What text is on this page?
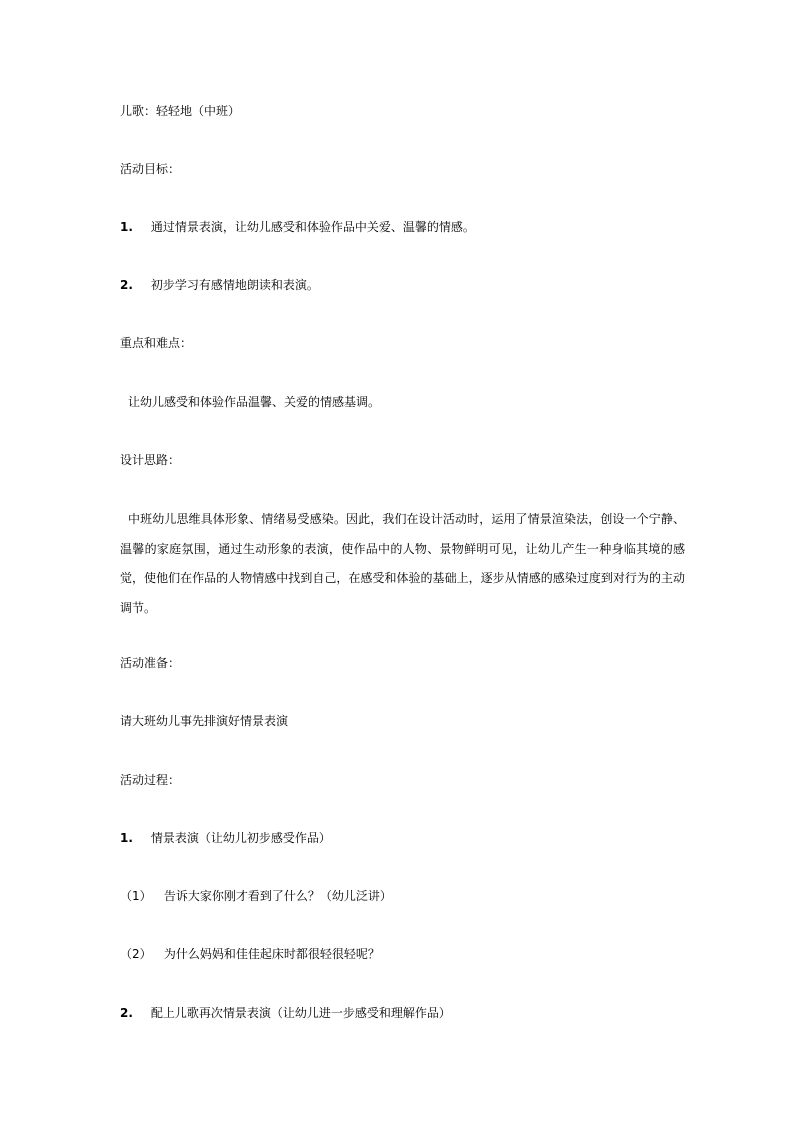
儿歌：轻轻地（中班）
活动目标：
1. 通过情景表演，让幼儿感受和体验作品中关爱、温馨的情感。
2. 初步学习有感情地朗读和表演。
重点和难点：
让幼儿感受和体验作品温馨、关爱的情感基调。
设计思路：
中班幼儿思维具体形象、情绪易受感染。因此，我们在设计活动时，运用了情景渲染法，创设一个宁静、温馨的家庭氛围，通过生动形象的表演，使作品中的人物、景物鲜明可见，让幼儿产生一种身临其境的感觉，使他们在作品的人物情感中找到自己，在感受和体验的基础上，逐步从情感的感染过度到对行为的主动调节。
活动准备：
请大班幼儿事先排演好情景表演
活动过程：
1. 情景表演（让幼儿初步感受作品）
（1） 告诉大家你刚才看到了什么？（幼儿泛讲）
（2） 为什么妈妈和佳佳起床时都很轻很轻呢？
2. 配上儿歌再次情景表演（让幼儿进一步感受和理解作品）
